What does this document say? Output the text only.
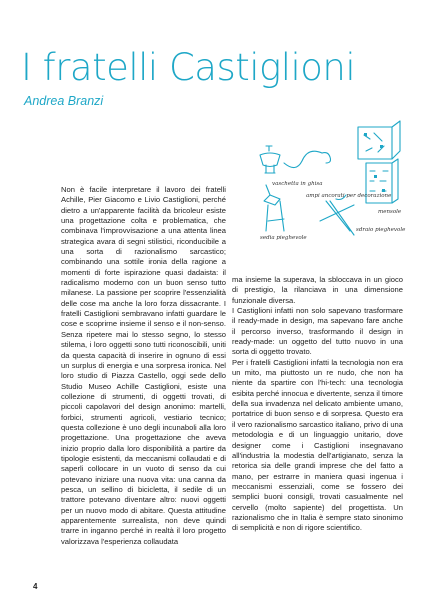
I fratelli Castiglioni
Andrea Branzi
vaschetta in ghisa
mensole
ampi ancorati per decorazione
sedia pieghevole
sdraio pieghevole

Non è facile interpretare il lavoro dei fratelli Achille, Pier Giacomo e Livio Castiglioni, perché dietro a un'apparente facilità da bricoleur esiste una progettazione colta e problematica, che combinava l'improvvisazione a una attenta linea strategica avara di segni stilistici, riconducibile a una sorta di razionalismo sarcastico; combinando una sottile ironia della ragione a momenti di forte ispirazione quasi dadaista: il radicalismo moderno con un buon senso tutto milanese. La passione per scoprire l'essenzialità delle cose ma anche la loro forza dissacrante. I fratelli Castiglioni sembravano infatti guardare le cose e scoprirne insieme il senso e il non-senso. Senza ripetere mai lo stesso segno, lo stesso stilema, i loro oggetti sono tutti riconoscibili, uniti da questa capacità di inserire in ognuno di essi un surplus di energia e una sorpresa ironica. Nel loro studio di Piazza Castello, oggi sede dello Studio Museo Achille Castiglioni, esiste una collezione di strumenti, di oggetti trovati, di piccoli capolavori del design anonimo: martelli, forbici, strumenti agricoli, vestiario tecnico; questa collezione è uno degli incunaboli alla loro progettazione. Una progettazione che aveva inizio proprio dalla loro disponibilità a partire da tipologie esistenti, da meccanismi collaudati e di saperli collocare in un vuoto di senso da cui potevano iniziare una nuova vita: una canna da pesca, un sellino di bicicletta, il sedile di un trattore potevano diventare altro: nuovi oggetti per un nuovo modo di abitare. Questa attitudine apparentemente surrealista, non deve quindi trarre in inganno perché in realtà il loro progetto valorizzava l'esperienza collaudata

ma insieme la superava, la sbloccava in un gioco di prestigio, la rilanciava in una dimensione funzionale diversa.

I Castiglioni infatti non solo sapevano trasformare il ready-made in design, ma sapevano fare anche il percorso inverso, trasformando il design in ready-made: un oggetto del tutto nuovo in una sorta di oggetto trovato.

Per i fratelli Castiglioni infatti la tecnologia non era un mito, ma piuttosto un re nudo, che non ha niente da spartire con l'hi-tech: una tecnologia esibita perché innocua e divertente, senza il timore della sua invadenza nel delicato ambiente umano, portatrice di buon senso e di sorpresa. Questo era il vero razionalismo sarcastico italiano, privo di una metodologia e di un linguaggio unitario, dove designer come i Castiglioni insegnavano all'industria la modestia dell'artigianato, senza la retorica sia delle grandi imprese che del fatto a mano, per estrarre in maniera quasi ingenua i meccanismi essenziali, come se fossero dei semplici buoni consigli, trovati casualmente nel cervello (molto sapiente) del progettista. Un razionalismo che in Italia è sempre stato sinonimo di semplicità e non di rigore scientifico.

4
